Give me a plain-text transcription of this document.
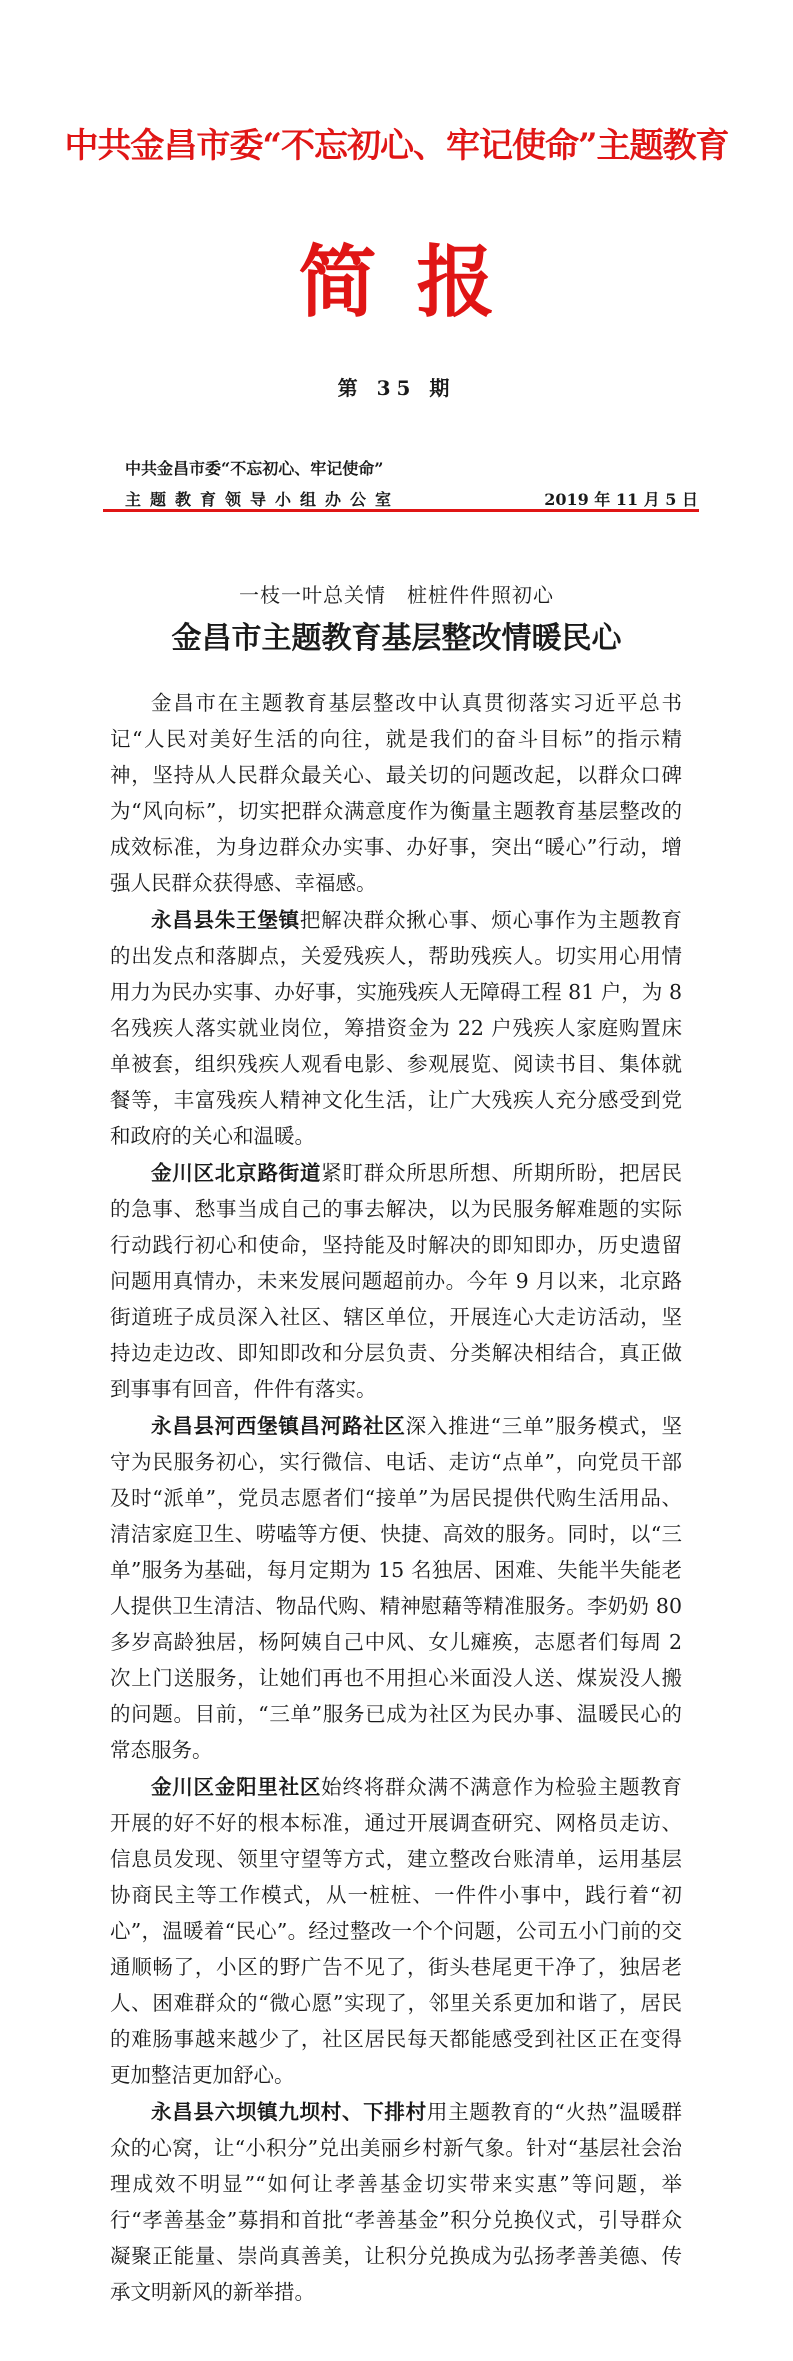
中共金昌市委“不忘初心、牢记使命”主题教育
简报
第 35 期
中共金昌市委“不忘初心、牢记使命”
主题教育领导小组办公室	2019 年 11 月 5 日
一枝一叶总关情　桩桩件件照初心
金昌市主题教育基层整改情暖民心

金昌市在主题教育基层整改中认真贯彻落实习近平总书记“人民对美好生活的向往，就是我们的奋斗目标”的指示精神，坚持从人民群众最关心、最关切的问题改起，以群众口碑为“风向标”，切实把群众满意度作为衡量主题教育基层整改的成效标准，为身边群众办实事、办好事，突出“暖心”行动，增强人民群众获得感、幸福感。

永昌县朱王堡镇把解决群众揪心事、烦心事作为主题教育的出发点和落脚点，关爱残疾人，帮助残疾人。切实用心用情用力为民办实事、办好事，实施残疾人无障碍工程 81 户，为 8 名残疾人落实就业岗位，筹措资金为 22 户残疾人家庭购置床单被套，组织残疾人观看电影、参观展览、阅读书目、集体就餐等，丰富残疾人精神文化生活，让广大残疾人充分感受到党和政府的关心和温暖。

金川区北京路街道紧盯群众所思所想、所期所盼，把居民的急事、愁事当成自己的事去解决，以为民服务解难题的实际行动践行初心和使命，坚持能及时解决的即知即办，历史遗留问题用真情办，未来发展问题超前办。今年 9 月以来，北京路街道班子成员深入社区、辖区单位，开展连心大走访活动，坚持边走边改、即知即改和分层负责、分类解决相结合，真正做到事事有回音，件件有落实。

永昌县河西堡镇昌河路社区深入推进“三单”服务模式，坚守为民服务初心，实行微信、电话、走访“点单”，向党员干部及时“派单”，党员志愿者们“接单”为居民提供代购生活用品、清洁家庭卫生、唠嗑等方便、快捷、高效的服务。同时，以“三单”服务为基础，每月定期为 15 名独居、困难、失能半失能老人提供卫生清洁、物品代购、精神慰藉等精准服务。李奶奶 80 多岁高龄独居，杨阿姨自己中风、女儿瘫痪，志愿者们每周 2 次上门送服务，让她们再也不用担心米面没人送、煤炭没人搬的问题。目前，“三单”服务已成为社区为民办事、温暖民心的常态服务。

金川区金阳里社区始终将群众满不满意作为检验主题教育开展的好不好的根本标准，通过开展调查研究、网格员走访、信息员发现、领里守望等方式，建立整改台账清单，运用基层协商民主等工作模式，从一桩桩、一件件小事中，践行着“初心”，温暖着“民心”。经过整改一个个问题，公司五小门前的交通顺畅了，小区的野广告不见了，街头巷尾更干净了，独居老人、困难群众的“微心愿”实现了，邻里关系更加和谐了，居民的难肠事越来越少了，社区居民每天都能感受到社区正在变得更加整洁更加舒心。

永昌县六坝镇九坝村、下排村用主题教育的“火热”温暖群众的心窝，让“小积分”兑出美丽乡村新气象。针对“基层社会治理成效不明显”“如何让孝善基金切实带来实惠”等问题，举行“孝善基金”募捐和首批“孝善基金”积分兑换仪式，引导群众凝聚正能量、崇尚真善美，让积分兑换成为弘扬孝善美德、传承文明新风的新举措。
